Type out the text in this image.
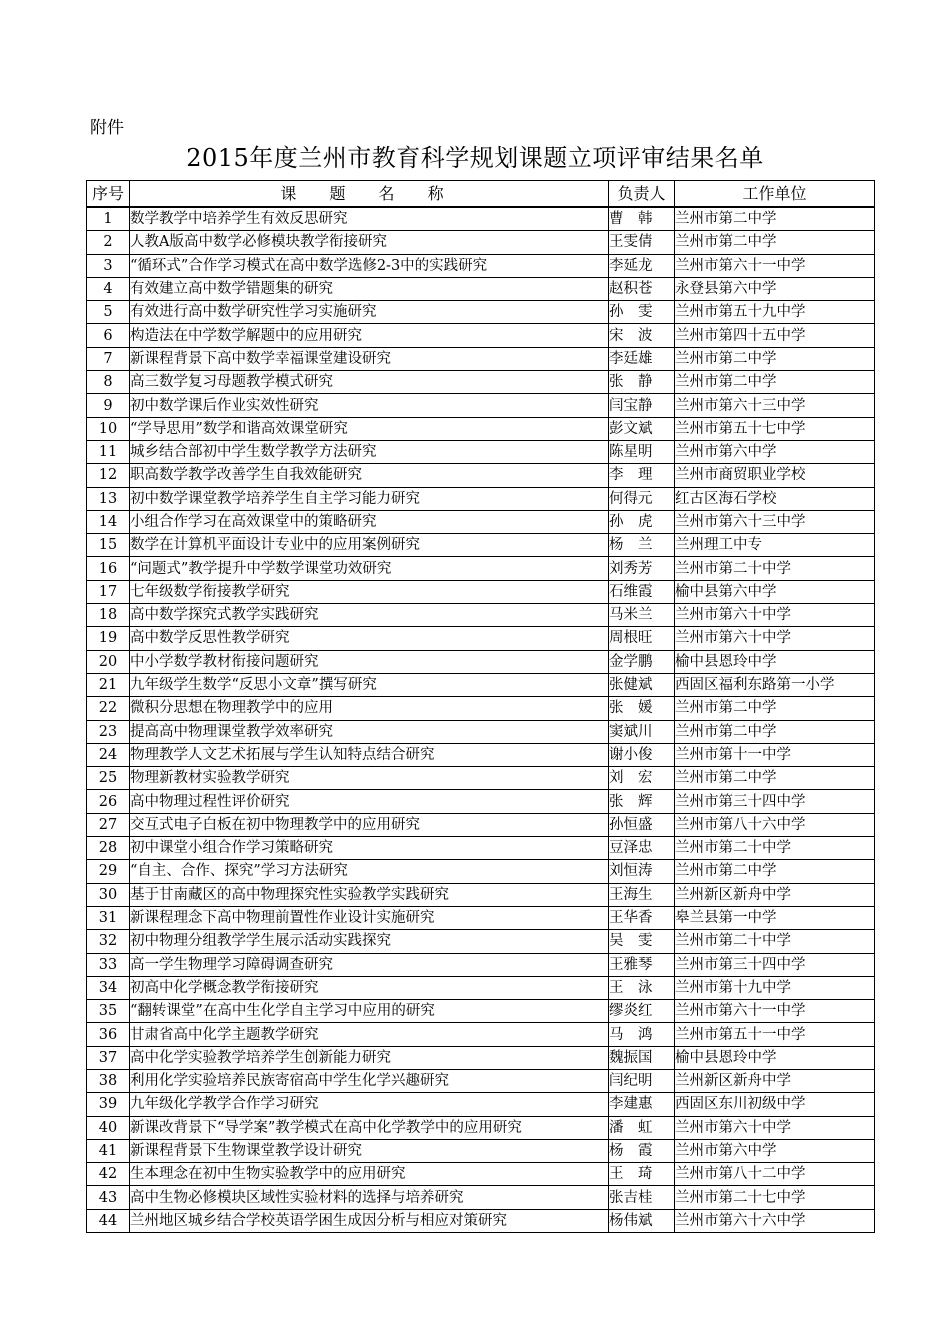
附件
2015年度兰州市教育科学规划课题立项评审结果名单
序号	课 题 名 称	负责人	工作单位
1	数学教学中培养学生有效反思研究	曹　韩	兰州市第二中学
2	人教A版高中数学必修模块教学衔接研究	王雯倩	兰州市第二中学
3	“循环式”合作学习模式在高中数学选修2-3中的实践研究	李延龙	兰州市第六十一中学
4	有效建立高中数学错题集的研究	赵积苍	永登县第六中学
5	有效进行高中数学研究性学习实施研究	孙　雯	兰州市第五十九中学
6	构造法在中学数学解题中的应用研究	宋　波	兰州市第四十五中学
7	新课程背景下高中数学幸福课堂建设研究	李廷雄	兰州市第二中学
8	高三数学复习母题教学模式研究	张　静	兰州市第二中学
9	初中数学课后作业实效性研究	闫宝静	兰州市第六十三中学
10	“学导思用”数学和谐高效课堂研究	彭文斌	兰州市第五十七中学
11	城乡结合部初中学生数学教学方法研究	陈星明	兰州市第六中学
12	职高数学教学改善学生自我效能研究	李　理	兰州市商贸职业学校
13	初中数学课堂教学培养学生自主学习能力研究	何得元	红古区海石学校
14	小组合作学习在高效课堂中的策略研究	孙　虎	兰州市第六十三中学
15	数学在计算机平面设计专业中的应用案例研究	杨　兰	兰州理工中专
16	“问题式”教学提升中学数学课堂功效研究	刘秀芳	兰州市第二十中学
17	七年级数学衔接教学研究	石维霞	榆中县第六中学
18	高中数学探究式教学实践研究	马米兰	兰州市第六十中学
19	高中数学反思性教学研究	周根旺	兰州市第六十中学
20	中小学数学教材衔接问题研究	金学鹏	榆中县恩玲中学
21	九年级学生数学“反思小文章”撰写研究	张健斌	西固区福利东路第一小学
22	微积分思想在物理教学中的应用	张　媛	兰州市第二中学
23	提高高中物理课堂教学效率研究	窦斌川	兰州市第二中学
24	物理教学人文艺术拓展与学生认知特点结合研究	谢小俊	兰州市第十一中学
25	物理新教材实验教学研究	刘　宏	兰州市第二中学
26	高中物理过程性评价研究	张　辉	兰州市第三十四中学
27	交互式电子白板在初中物理教学中的应用研究	孙恒盛	兰州市第八十六中学
28	初中课堂小组合作学习策略研究	豆泽忠	兰州市第二十中学
29	“自主、合作、探究”学习方法研究	刘恒涛	兰州市第二中学
30	基于甘南藏区的高中物理探究性实验教学实践研究	王海生	兰州新区新舟中学
31	新课程理念下高中物理前置性作业设计实施研究	王华香	皋兰县第一中学
32	初中物理分组教学学生展示活动实践探究	吴　雯	兰州市第二十中学
33	高一学生物理学习障碍调查研究	王雅琴	兰州市第三十四中学
34	初高中化学概念教学衔接研究	王　泳	兰州市第十九中学
35	“翻转课堂”在高中生化学自主学习中应用的研究	缪炎红	兰州市第六十一中学
36	甘肃省高中化学主题教学研究	马　鸿	兰州市第五十一中学
37	高中化学实验教学培养学生创新能力研究	魏振国	榆中县恩玲中学
38	利用化学实验培养民族寄宿高中学生化学兴趣研究	闫纪明	兰州新区新舟中学
39	九年级化学教学合作学习研究	李建惠	西固区东川初级中学
40	新课改背景下“导学案”教学模式在高中化学教学中的应用研究	潘　虹	兰州市第六十中学
41	新课程背景下生物课堂教学设计研究	杨　霞	兰州市第六中学
42	生本理念在初中生物实验教学中的应用研究	王　琦	兰州市第八十二中学
43	高中生物必修模块区域性实验材料的选择与培养研究	张吉桂	兰州市第二十七中学
44	兰州地区城乡结合学校英语学困生成因分析与相应对策研究	杨伟斌	兰州市第六十六中学
